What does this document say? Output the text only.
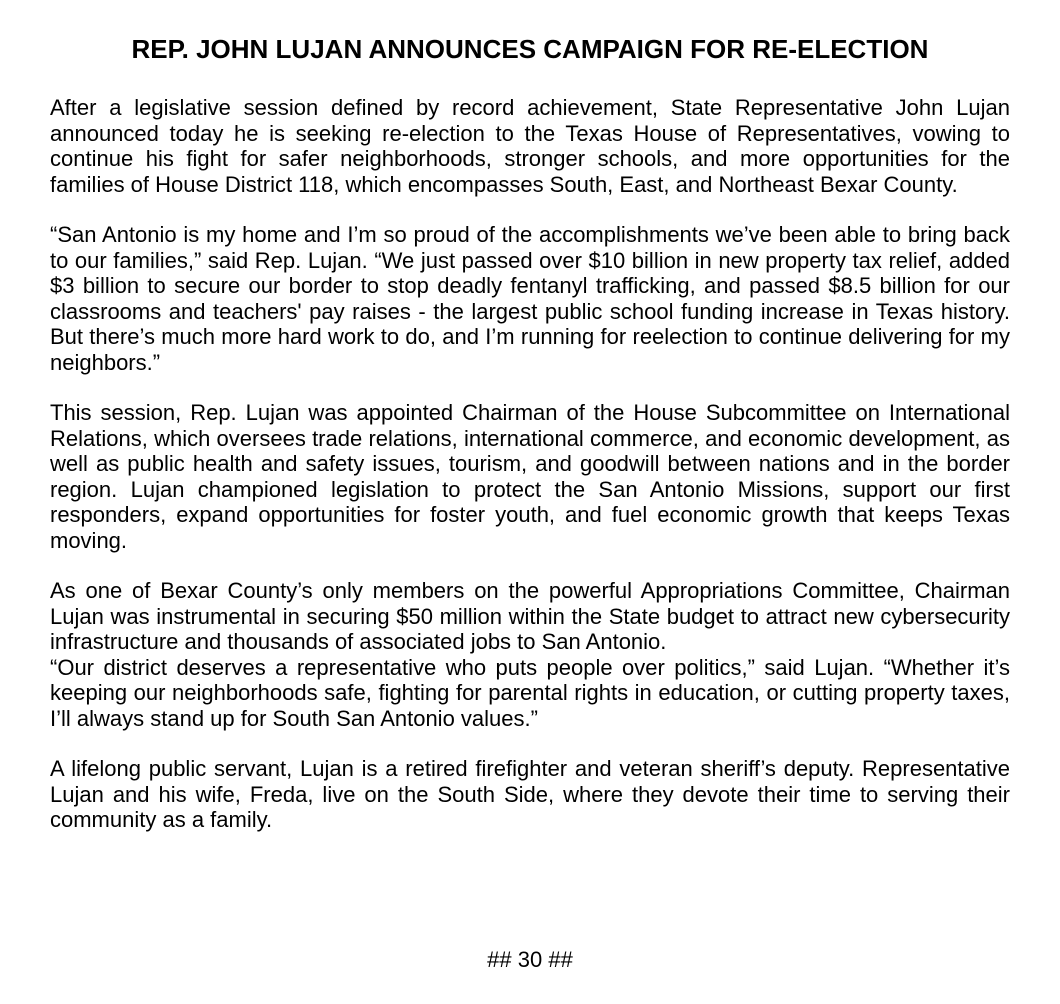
REP. JOHN LUJAN ANNOUNCES CAMPAIGN FOR RE-ELECTION

After a legislative session defined by record achievement, State Representative John Lujan announced today he is seeking re-election to the Texas House of Representatives, vowing to continue his fight for safer neighborhoods, stronger schools, and more opportunities for the families of House District 118, which encompasses South, East, and Northeast Bexar County.

“San Antonio is my home and I’m so proud of the accomplishments we’ve been able to bring back to our families,” said Rep. Lujan. “We just passed over $10 billion in new property tax relief, added $3 billion to secure our border to stop deadly fentanyl trafficking, and passed $8.5 billion for our classrooms and teachers' pay raises - the largest public school funding increase in Texas history. But there’s much more hard work to do, and I’m running for reelection to continue delivering for my neighbors.”

This session, Rep. Lujan was appointed Chairman of the House Subcommittee on International Relations, which oversees trade relations, international commerce, and economic development, as well as public health and safety issues, tourism, and goodwill between nations and in the border region. Lujan championed legislation to protect the San Antonio Missions, support our first responders, expand opportunities for foster youth, and fuel economic growth that keeps Texas moving.

As one of Bexar County’s only members on the powerful Appropriations Committee, Chairman Lujan was instrumental in securing $50 million within the State budget to attract new cybersecurity infrastructure and thousands of associated jobs to San Antonio.

“Our district deserves a representative who puts people over politics,” said Lujan. “Whether it’s keeping our neighborhoods safe, fighting for parental rights in education, or cutting property taxes, I’ll always stand up for South San Antonio values.”

A lifelong public servant, Lujan is a retired firefighter and veteran sheriff’s deputy. Representative Lujan and his wife, Freda, live on the South Side, where they devote their time to serving their community as a family.

## 30 ##
